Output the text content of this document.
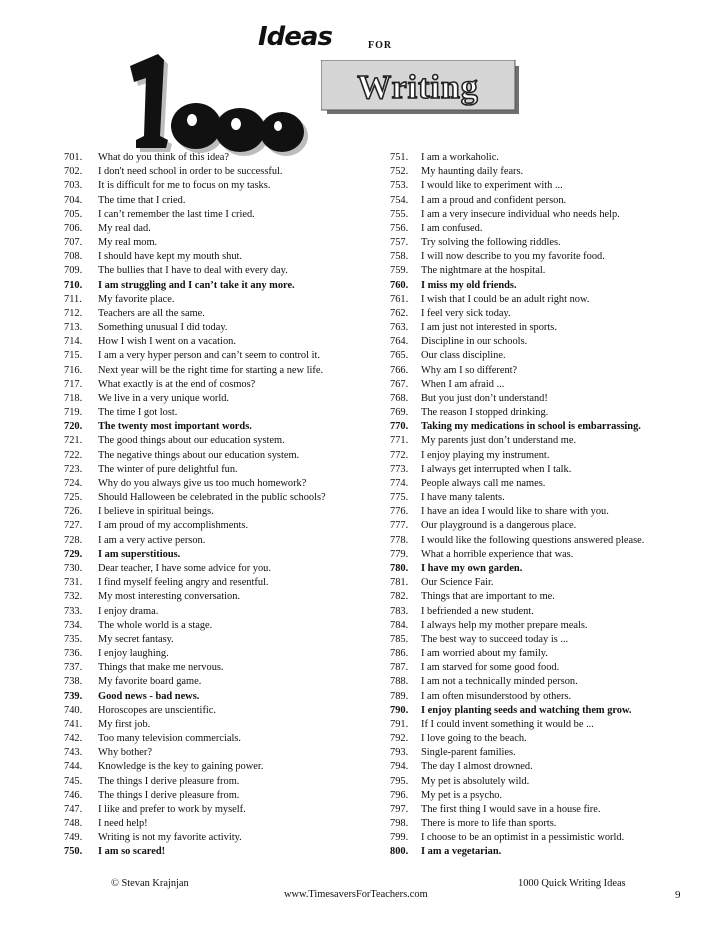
Ideas	FOR
1000
Writing
701.	What do you think of this idea?
702.	I don't need school in order to be successful.
703.	It is difficult for me to focus on my tasks.
704.	The time that I cried.
705.	I can’t remember the last time I cried.
706.	My real dad.
707.	My real mom.
708.	I should have kept my mouth shut.
709.	The bullies that I have to deal with every day.
710.	I am struggling and I can’t take it any more.
711.	My favorite place.
712.	Teachers are all the same.
713.	Something unusual I did today.
714.	How I wish I went on a vacation.
715.	I am a very hyper person and can’t seem to control it.
716.	Next year will be the right time for starting a new life.
717.	What exactly is at the end of cosmos?
718.	We live in a very unique world.
719.	The time I got lost.
720.	The twenty most important words.
721.	The good things about our education system.
722.	The negative things about our education system.
723.	The winter of pure delightful fun.
724.	Why do you always give us too much homework?
725.	Should Halloween be celebrated in the public schools?
726.	I believe in spiritual beings.
727.	I am proud of my accomplishments.
728.	I am a very active person.
729.	I am superstitious.
730.	Dear teacher, I have some advice for you.
731.	I find myself feeling angry and resentful.
732.	My most interesting conversation.
733.	I enjoy drama.
734.	The whole world is a stage.
735.	My secret fantasy.
736.	I enjoy laughing.
737.	Things that make me nervous.
738.	My favorite board game.
739.	Good news - bad news.
740.	Horoscopes are unscientific.
741.	My first job.
742.	Too many television commercials.
743.	Why bother?
744.	Knowledge is the key to gaining power.
745.	The things I derive pleasure from.
746.	The things I derive pleasure from.
747.	I like and prefer to work by myself.
748.	I need help!
749.	Writing is not my favorite activity.
750.	I am so scared!
751.	I am a workaholic.
752.	My haunting daily fears.
753.	I would like to experiment with ...
754.	I am a proud and confident person.
755.	I am a very insecure individual who needs help.
756.	I am confused.
757.	Try solving the following riddles.
758.	I will now describe to you my favorite food.
759.	The nightmare at the hospital.
760.	I miss my old friends.
761.	I wish that I could be an adult right now.
762.	I feel very sick today.
763.	I am just not interested in sports.
764.	Discipline in our schools.
765.	Our class discipline.
766.	Why am I so different?
767.	When I am afraid ...
768.	But you just don’t understand!
769.	The reason I stopped drinking.
770.	Taking my medications in school is embarrassing.
771.	My parents just don’t understand me.
772.	I enjoy playing my instrument.
773.	I always get interrupted when I talk.
774.	People always call me names.
775.	I have many talents.
776.	I have an idea I would like to share with you.
777.	Our playground is a dangerous place.
778.	I would like the following questions answered please.
779.	What a horrible experience that was.
780.	I have my own garden.
781.	Our Science Fair.
782.	Things that are important to me.
783.	I befriended a new student.
784.	I always help my mother prepare meals.
785.	The best way to succeed today is ...
786.	I am worried about my family.
787.	I am starved for some good food.
788.	I am not a technically minded person.
789.	I am often misunderstood by others.
790.	I enjoy planting seeds and watching them grow.
791.	If I could invent something it would be ...
792.	I love going to the beach.
793.	Single-parent families.
794.	The day I almost drowned.
795.	My pet is absolutely wild.
796.	My pet is a psycho.
797.	The first thing I would save in a house fire.
798.	There is more to life than sports.
799.	I choose to be an optimist in a pessimistic world.
800.	I am a vegetarian.
© Stevan Krajnjan
www.TimesaversForTeachers.com
1000 Quick Writing Ideas
9
